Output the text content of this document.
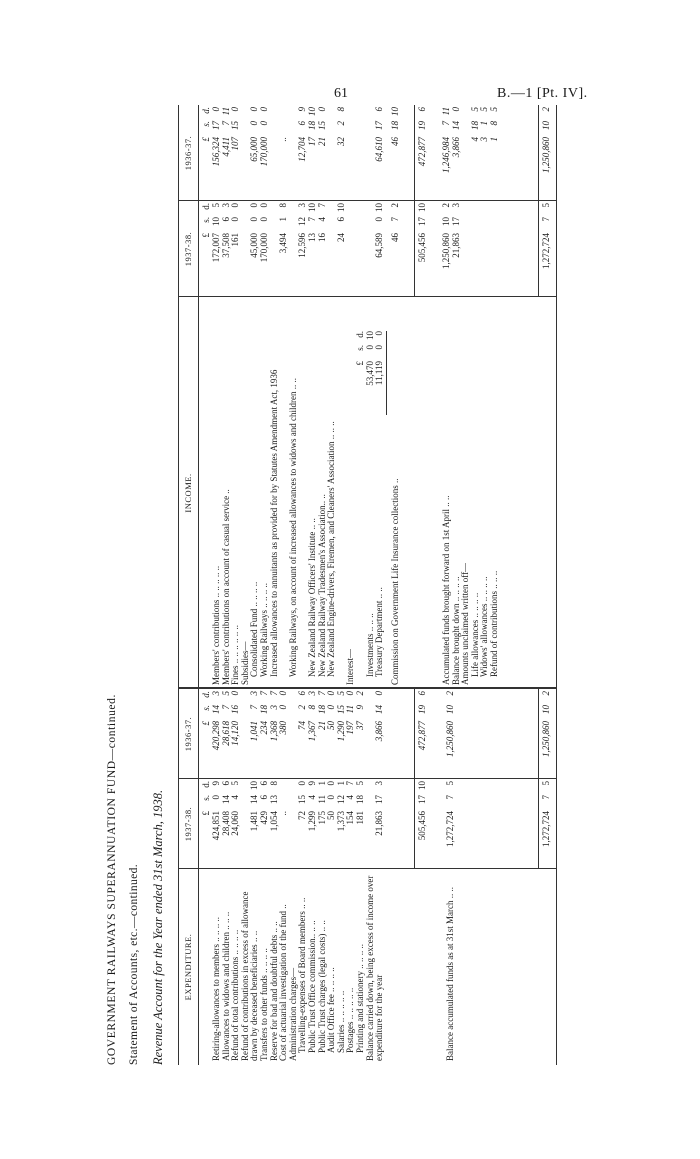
61	B.—1 [Pt. IV].
GOVERNMENT RAILWAYS SUPERANNUATION FUND—continued. Statement of Accounts, etc.—continued. Revenue Account for the Year ended 31st March, 1938.	EXPENDITURE.
1937-38.
1936-37.
INCOME.
1937-38.
1936-37.
£s.d.
£s.d.
£s.d.
£s.d.
Retiring-allowances to members .. .. .. ..
424,85109
420,298143
Allowances to widows and children .. .. ..
28,408146
28,61875
Refund of total contributions .. .. .. ..
24,06045
14,120160
Refund of contributions in excess of allowance drawn by deceased beneficiaries .. ..
1,4811410
1,04173
Transfers to other funds .. .. .. ..
42966
234187
Reserve for bad and doubtful debts .. ..
1,054138
1,36837
Cost of actuarial investigation of the fund ..
..
38000
Administration charges— Travelling-expenses of Board members .. ..
72150
7426
Public Trust Office commission.. .. ..
1,29949
1,36783
Public Trust charges (legal costs) .. ..
175111
21187
Audit Office fee .. .. .. ..
5000
5000
Salaries .. .. .. .. ..
1,373121
1,290155
Postages .. .. .. .. ..
15447
197110
Printing and stationery .. .. .. ..
181185
3792
Balance carried down, being excess of income over expenditure for the year
21,863173
3,866140
505,4561710
472,877196
Balance accumulated funds as at 31st March .. ..
1,272,72475
1,250,860102
1,272,72475
1,250,860102
Members' contributions .. .. .. .. ..
172,007105
156,324170
Members' contributions on account of casual service ..
37,50863
4,411711
Fines .. .. .. .. .. ..
16100
107150
Subsidies— Consolidated Fund .. .. .. ..
45,00000
65,00000
Working Railways .. .. .. ..
170,00000
170,00000
Increased allowances to annuitants as provided for by Statutes Amendment Act, 1936
3,49418
..
Working Railways, on account of increased allowances to widows and children .. ..
12,596123
12,70469
New Zealand Railway Officers' Institute .. ..
13710
171810
New Zealand Railway Tradesmen's Association.. ..
1647
21150
New Zealand Engine-drivers, Firemen, and Cleaners' Association .. .. ..
24610
3228
Interest—
£s.d.
Investments .. .. ..
53,470010
Treasury Department .. ..
11,11900
64,589010
64,610176
Commission on Government Life Insurance collections ..
4672
461810
505,4561710
472,877196
Accumulated funds brought forward on 1st April .. ..
1,250,860102
1,246,984711
Balance brought down .. .. .. ..
21,863173
3,866140
Amounts unclaimed written off— Life allowances .. .. .. ..
4185
Widows' allowances .. .. .. ..
315
Refund of contributions .. .. ..
185
1,272,72475
1,250,860102
